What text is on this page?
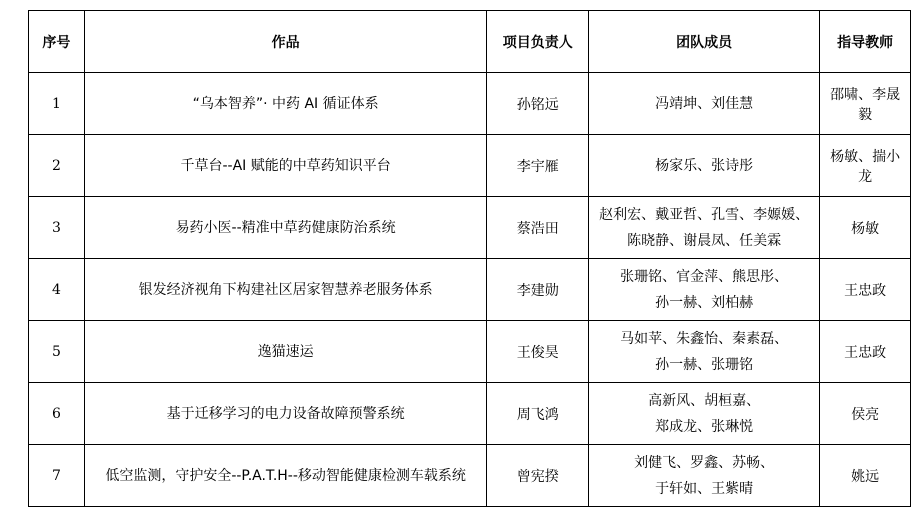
序号	作品	项目负责人	团队成员	指导教师
1	“乌本智养”· 中药 AI 循证体系	孙铭远	冯靖坤、刘佳慧	邵啸、李晟毅
2	千草台--AI 赋能的中草药知识平台	李宇雁	杨家乐、张诗彤	杨敏、揣小龙
3	易药小医--精准中草药健康防治系统	蔡浩田	赵利宏、戴亚哲、孔雪、李嫄媛、
陈晓静、谢晨凤、任美霖	杨敏
4	银发经济视角下构建社区居家智慧养老服务体系	李建勋	张珊铭、官金萍、熊思彤、
孙一赫、刘柏赫	王忠政
5	逸猫速运	王俊昊	马如苹、朱鑫怡、秦素磊、
孙一赫、张珊铭	王忠政
6	基于迁移学习的电力设备故障预警系统	周飞鸿	高新风、胡桓嘉、
郑成龙、张琳悦	侯亮
7	低空监测，守护安全--P.A.T.H--移动智能健康检测车载系统	曾宪揆	刘健飞、罗鑫、苏畅、
于轩如、王紫晴	姚远
